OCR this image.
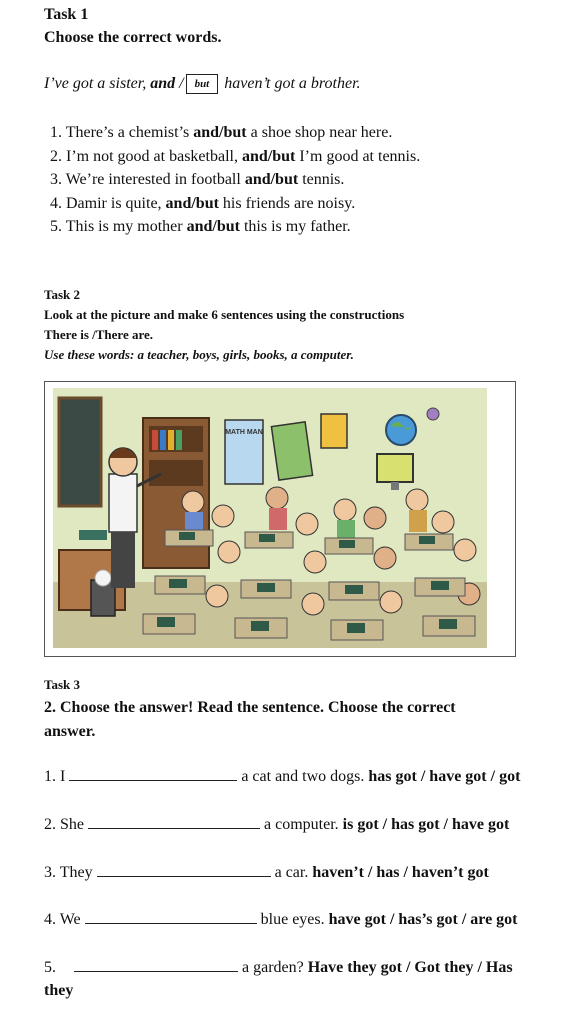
Task 1
Choose the correct words.
I’ve got a sister, and / but haven’t got a brother.
1. There’s a chemist’s and/but a shoe shop near here.
2. I’m not good at basketball, and/but I’m good at tennis.
3. We’re interested in football and/but tennis.
4. Damir is quite, and/but his friends are noisy.
5. This is my mother and/but this is my father.
Task 2
Look at the picture and make 6 sentences using the constructions
There is /There are.
Use these words: a teacher, boys, girls, books, a computer.
MATH MAN
Task 3
2. Choose the answer! Read the sentence. Choose the correct answer.
1. I	a cat and two dogs. has got / have got / got
2. She	a computer. is got / has got / have got
3. They	a car. haven’t / has / haven’t got
4. We	blue eyes. have got / has’s got / are got
5.	a garden? Have they got / Got they / Has they
